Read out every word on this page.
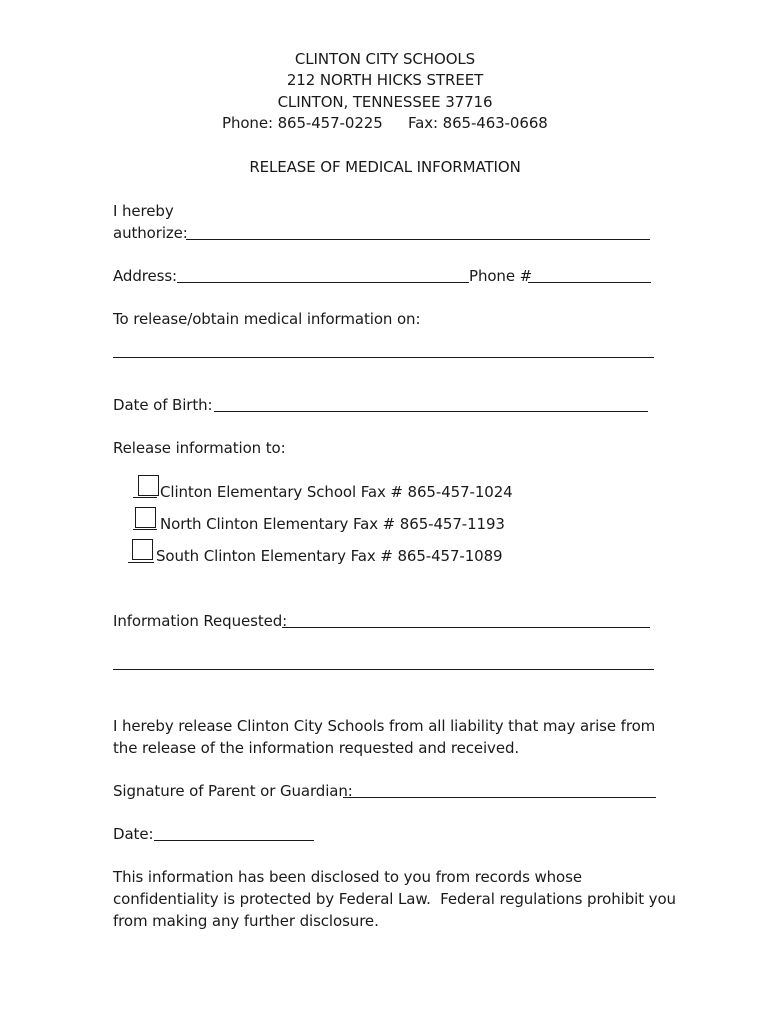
CLINTON CITY SCHOOLS
212 NORTH HICKS STREET
CLINTON, TENNESSEE 37716
Phone: 865-457-0225 Fax: 865-463-0668
RELEASE OF MEDICAL INFORMATION
I hereby
authorize:
Address:	Phone #
To release/obtain medical information on:
Date of Birth:
Release information to:
Clinton Elementary School Fax # 865-457-1024
North Clinton Elementary Fax # 865-457-1193
South Clinton Elementary Fax # 865-457-1089
Information Requested:
I hereby release Clinton City Schools from all liability that may arise from
the release of the information requested and received.
Signature of Parent or Guardian:
Date:
This information has been disclosed to you from records whose
confidentiality is protected by Federal Law.  Federal regulations prohibit you
from making any further disclosure.
